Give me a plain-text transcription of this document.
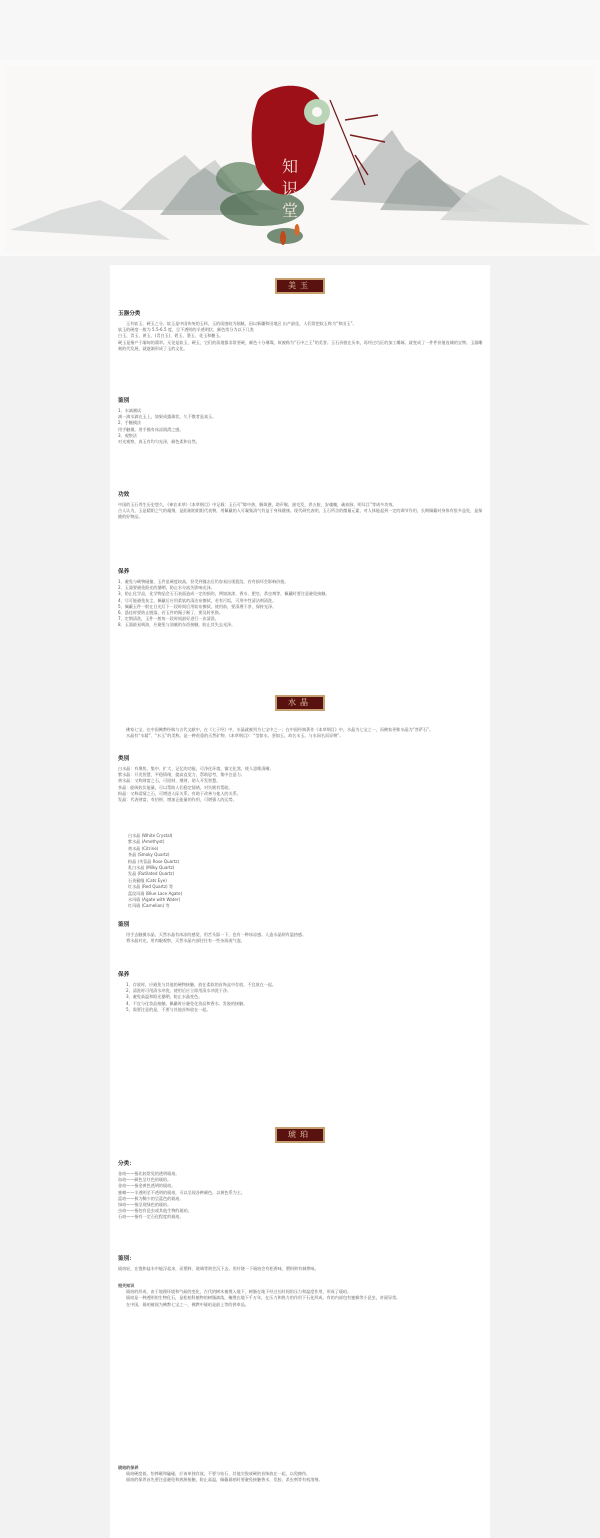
知
识
堂
美玉

玉器分类

玉有软玉、硬玉之分。软玉是中国传统的玉料，玉的质感较为细腻，因以新疆和田地区 出产最佳，人们常把软玉称为“和田玉”。

软玉的硬度一般为 5.5-6.5 度，呈不透明的半透明状，颜色常分为以下几类

白玉、青玉、黄玉、(青白玉)、碧玉、墨玉、花玉和糖玉。

硬玉是指产于缅甸的翡翠。无论是软玉、硬玉，它们的质地都非常坚硬，颜色十分璀璨，故被称为“石中之王”的美誉。玉石价值在历来，再经过巧匠的加工雕琢，就变成了一件件价值连城的宝物。玉器雕刻的代发展，就逐渐形成了玉的文化。

鉴别

1、水滴测试

滴一滴水滴在玉上，如果成露珠状，久不散者是真玉。

2、手触摸法

用手触摸，用手摸有冰凉润滑之感。

3、观察法

对光观察，真玉有均匀光泽，颜色柔和自然。

功效

中国的玉石养生历史悠久，《神农本草》《本草纲目》中记载：玉石可“除中热，解烦懑，助声喉，滋毛发，养五脏，安魂魄，疏血脉，明耳目”等诸多功效。

古人认为，玉是精阴之气的凝聚，是阳刚的阴阳代表物，用佩戴的人可凝集清气有益于身体健康。现代研究表明，玉石所含的微量元素，对人体能起到一定的调节作用，长期佩戴对身体有很多益处，是保健的好物品。

保养

1、避免与硬物碰撞，玉件虽硬度较高，但受到撞击后仍容易出现裂纹，若有损坏会影响价值。

2、玉器要避免阳光的暴晒，防止水分流失影响光泽。

3、防止化学品，化学物品会玉石表面造成一定的损伤，例如油漆、香水、肥皂、杀虫剂等，佩戴时要注意避免接触。

4、尽可能避免灰尘，佩戴后应用柔软的清洁布擦拭，若有污垢，可用中性清洁剂清洗。

5、佩戴玉件一般在日光灯下一段时间后用软布擦拭，使用前，要清理干净，保持光泽。

6、悬挂时要防止脱落，若玉件的绳子断了，要及时更换。

7、定期清洗，玉件一般每一段时间最好进行一次清洗。

8、玉器最易吸油，应避免与油腻的东西接触，防止其失去光泽。

水晶

佛家七宝，在中国佛教经典与古代文献中，在《七子经》中，水晶就被列为七宝中之一；在中国经典著作《本草纲目》中，水晶为七宝之一，而佛家更称水晶为“菩萨石”。

水晶有“水精”、“水玉”的美称，是一种贵重的天然矿物，《本草纲目》：“莹如水，坚如玉，故名水玉。与水同名而异物”。

类别

白水晶：有聚焦、集中、扩大、记忆的功能，可净化环境，镇宅化煞，使人思维清晰。

紫水晶：开发智慧，平稳情绪，提高直觉力，帮助思考，集中注意力。

黄水晶：又称财富之石，可招财、聚财，助人开发智慧。

茶晶：能吸收负能量，可以帮助人们稳定情绪，对失眠有帮助。

粉晶：又称爱情之石，可增进人际关系，有助于改善与他人的关系。

发晶：代表财富，有招财、增加正能量的作用，可增强人的运势。

白水晶 (White Crystal)

紫水晶 (Amethyst)

黄水晶 (Citrine)

茶晶 (Smoky Quartz)

粉晶 (芙蓉晶 Rose Quartz)

乳白水晶 (Milky Quartz)

发晶 (Rutilated Quartz)

石英猫眼 (Cats Eye)

红水晶 (Red Quartz) 等

蓝纹玛瑙 (Blue Lace Agate)

水玛瑙 (Agate with Water)

红玛瑙 (Carnelian) 等

鉴别

用手去触摸水晶，天然水晶有冰凉的感觉，用舌头舔一下，也有一种冰凉感。人造水晶则有温热感。

将水晶对光，用肉眼观察，天然水晶内部往往有一些杂质或气泡。

保养

1、存放时，应避免与其他的硬物接触，放在柔软的首饰盒中存放，不宜放在一起。

2、清洗时可用清水冲洗，使用后应立即用清水冲洗干净。

3、避免高温和阳光暴晒，防止水晶变色。

4、不宜与化妆品接触，佩戴时应避免化妆品和香水、发胶的接触。

5、需要注意的是，不要与其他首饰放在一起。

琥珀

分类：

金珀——指比较常见的透明琥珀。

血珀——颜色呈红色的琥珀。

金珀——指金黄色透明的琥珀。

蜜蜡——半透明至不透明的琥珀，可以呈现各种颜色，以黄色系为主。

蓝珀——极为稀少的呈蓝色的琥珀。

绿珀——指呈现绿色的琥珀。

虫珀——指包有昆虫或其他生物的琥珀。

石珀——指有一定石化程度的琥珀。

鉴别：

琥珀轻，在饱和盐水中能浮起来，而塑料、玻璃等则会沉下去。用针烧一下琥珀会有松香味，塑料则有刺鼻味。

相关知识

琥珀的形成，由于地理环境和气候的变化，古代的树木被埋入地下，树脂在地下经过长时间的压力和温度作用，形成了琥珀。

琥珀是一种透明的生物化石，是松柏科植物的树脂滴落，掩埋在地下千万年，在压力和热力的作用下石化形成，有的内部包有蜜蜂等小昆虫，奇丽异常。

在中国，琥珀被视为佛教七宝之一，佛教中琥珀是最上等的供奉品。

琥珀的保养

琥珀硬度低，怕摔砸和磕碰，应该单独存放，不要与钻石、其他尖锐或硬的首饰放在一起，以免擦伤。

琥珀的保养首先要注意避免和热源接触，防止高温，佩戴琥珀时要避免接触香水、发胶、杀虫剂等有机溶剂。
